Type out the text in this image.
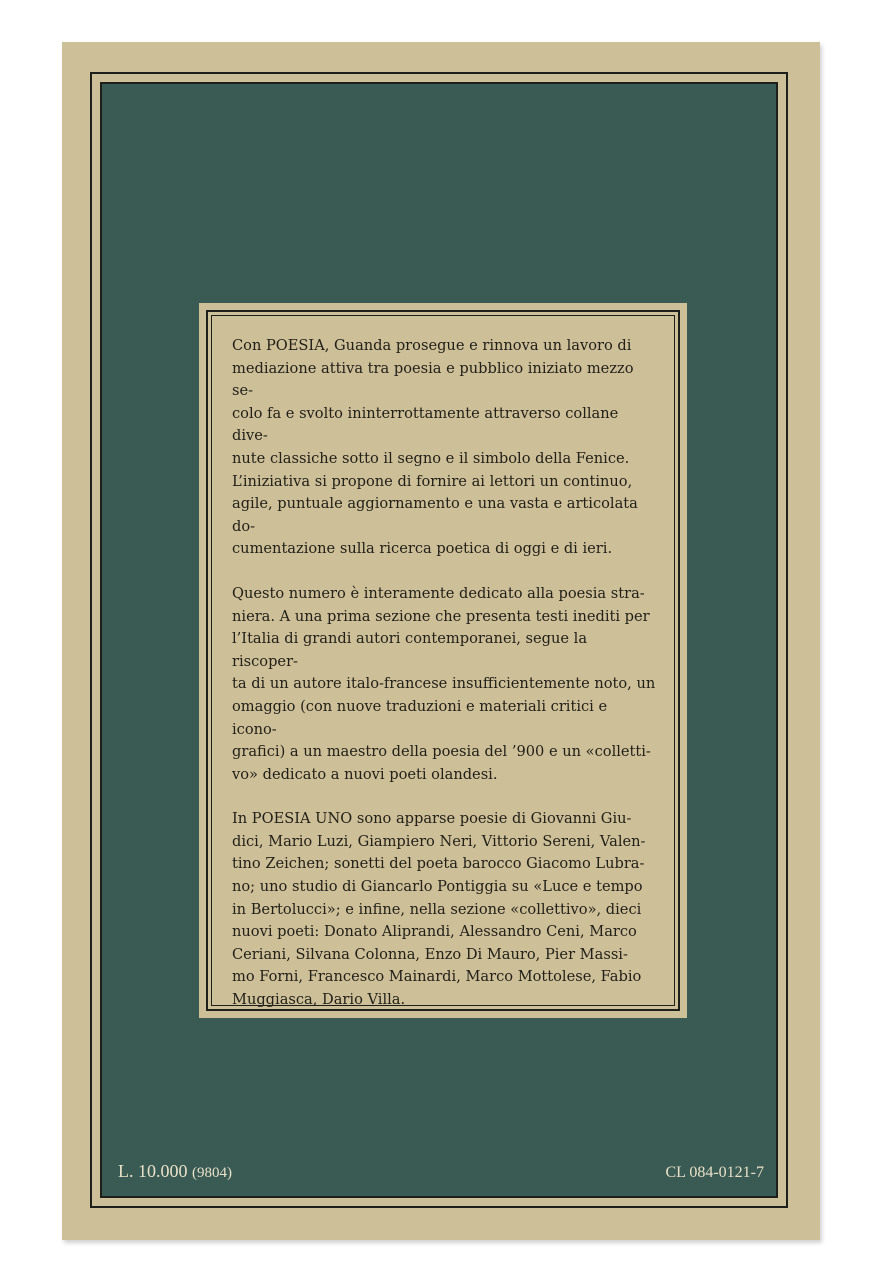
Con POESIA, Guanda prosegue e rinnova un lavoro di
mediazione attiva tra poesia e pubblico iniziato mezzo se-
colo fa e svolto ininterrottamente attraverso collane dive-
nute classiche sotto il segno e il simbolo della Fenice.
L’iniziativa si propone di fornire ai lettori un continuo,
agile, puntuale aggiornamento e una vasta e articolata do-
cumentazione sulla ricerca poetica di oggi e di ieri.

Questo numero è interamente dedicato alla poesia stra-
niera. A una prima sezione che presenta testi inediti per
l’Italia di grandi autori contemporanei, segue la riscoper-
ta di un autore italo-francese insufficientemente noto, un
omaggio (con nuove traduzioni e materiali critici e icono-
grafici) a un maestro della poesia del ’900 e un «colletti-
vo» dedicato a nuovi poeti olandesi.

In POESIA UNO sono apparse poesie di Giovanni Giu-
dici, Mario Luzi, Giampiero Neri, Vittorio Sereni, Valen-
tino Zeichen; sonetti del poeta barocco Giacomo Lubra-
no; uno studio di Giancarlo Pontiggia su «Luce e tempo
in Bertolucci»; e infine, nella sezione «collettivo», dieci
nuovi poeti: Donato Aliprandi, Alessandro Ceni, Marco
Ceriani, Silvana Colonna, Enzo Di Mauro, Pier Massi-
mo Forni, Francesco Mainardi, Marco Mottolese, Fabio
Muggiasca, Dario Villa.

L. 10.000 (9804)	CL 084-0121-7
